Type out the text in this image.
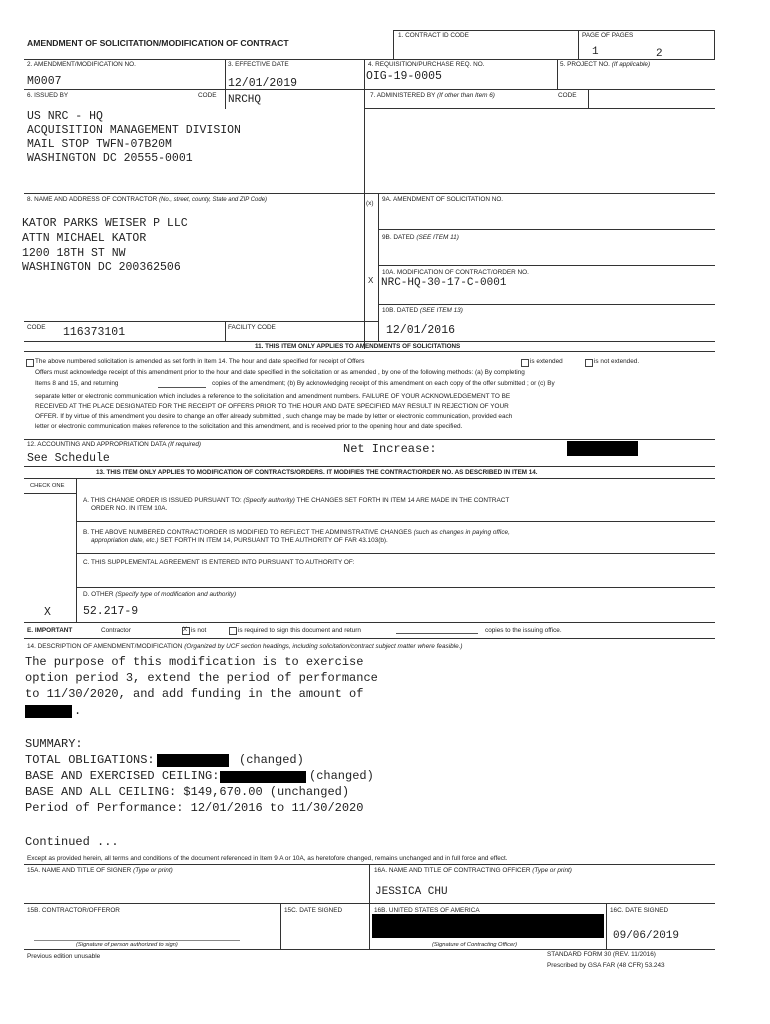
AMENDMENT OF SOLICITATION/MODIFICATION OF CONTRACT
1. CONTRACT ID CODE	PAGE OF PAGES
1	2
2. AMENDMENT/MODIFICATION NO.
M0007
3. EFFECTIVE DATE
12/01/2019
4. REQUISITION/PURCHASE REQ. NO.
OIG-19-0005
5. PROJECT NO. (If applicable)
6. ISSUED BY	CODE NRCHQ	7. ADMINISTERED BY (If other than Item 6)	CODE
US NRC - HQ
ACQUISITION MANAGEMENT DIVISION
MAIL STOP TWFN-07B20M
WASHINGTON DC 20555-0001
8. NAME AND ADDRESS OF CONTRACTOR (No., street, county, State and ZIP Code)
KATOR PARKS WEISER P LLC
ATTN MICHAEL KATOR
1200 18TH ST NW
WASHINGTON DC 200362506
(x)
9A. AMENDMENT OF SOLICITATION NO.
9B. DATED (SEE ITEM 11)
X
10A. MODIFICATION OF CONTRACT/ORDER NO.
NRC-HQ-30-17-C-0001
10B. DATED (SEE ITEM 13)
12/01/2016
CODE 116373101	FACILITY CODE
11. THIS ITEM ONLY APPLIES TO AMENDMENTS OF SOLICITATIONS
The above numbered solicitation is amended as set forth in Item 14. The hour and date specified for receipt of Offers	is extended	is not extended.
Offers must acknowledge receipt of this amendment prior to the hour and date specified in the solicitation or as amended , by one of the following methods: (a) By completing
Items 8 and 15, and returning	copies of the amendment; (b) By acknowledging receipt of this amendment on each copy of the offer submitted ; or (c) By
separate letter or electronic communication which includes a reference to the solicitation and amendment numbers. FAILURE OF YOUR ACKNOWLEDGEMENT TO BE
RECEIVED AT THE PLACE DESIGNATED FOR THE RECEIPT OF OFFERS PRIOR TO THE HOUR AND DATE SPECIFIED MAY RESULT IN REJECTION OF YOUR
OFFER. If by virtue of this amendment you desire to change an offer already submitted , such change may be made by letter or electronic communication, provided each
letter or electronic communication makes reference to the solicitation and this amendment, and is received prior to the opening hour and date specified.
12. ACCOUNTING AND APPROPRIATION DATA (If required)
See Schedule
Net Increase:
13. THIS ITEM ONLY APPLIES TO MODIFICATION OF CONTRACTS/ORDERS. IT MODIFIES THE CONTRACT/ORDER NO. AS DESCRIBED IN ITEM 14.
CHECK ONE
A. THIS CHANGE ORDER IS ISSUED PURSUANT TO: (Specify authority) THE CHANGES SET FORTH IN ITEM 14 ARE MADE IN THE CONTRACT
ORDER NO. IN ITEM 10A.
B. THE ABOVE NUMBERED CONTRACT/ORDER IS MODIFIED TO REFLECT THE ADMINISTRATIVE CHANGES (such as changes in paying office,
appropriation date, etc.) SET FORTH IN ITEM 14, PURSUANT TO THE AUTHORITY OF FAR 43.103(b).
C. THIS SUPPLEMENTAL AGREEMENT IS ENTERED INTO PURSUANT TO AUTHORITY OF:
D. OTHER (Specify type of modification and authority)
X	52.217-9
E. IMPORTANT	Contractor	X is not	is required to sign this document and return	copies to the issuing office.
14. DESCRIPTION OF AMENDMENT/MODIFICATION (Organized by UCF section headings, including solicitation/contract subject matter where feasible.)
The purpose of this modification is to exercise
option period 3, extend the period of performance
to 11/30/2020, and add funding in the amount of
.
SUMMARY:
TOTAL OBLIGATIONS:	(changed)
BASE AND EXERCISED CEILING:	(changed)
BASE AND ALL CEILING: $149,670.00 (unchanged)
Period of Performance: 12/01/2016 to 11/30/2020
Continued ...
Except as provided herein, all terms and conditions of the document referenced in Item 9 A or 10A, as heretofore changed, remains unchanged and in full force and effect.
15A. NAME AND TITLE OF SIGNER (Type or print)	16A. NAME AND TITLE OF CONTRACTING OFFICER (Type or print)
JESSICA CHU
15B. CONTRACTOR/OFFEROR	15C. DATE SIGNED	16B. UNITED STATES OF AMERICA	16C. DATE SIGNED
09/06/2019
(Signature of person authorized to sign)	(Signature of Contracting Officer)
Previous edition unusable	STANDARD FORM 30 (REV. 11/2016)
Prescribed by GSA FAR (48 CFR) 53.243
